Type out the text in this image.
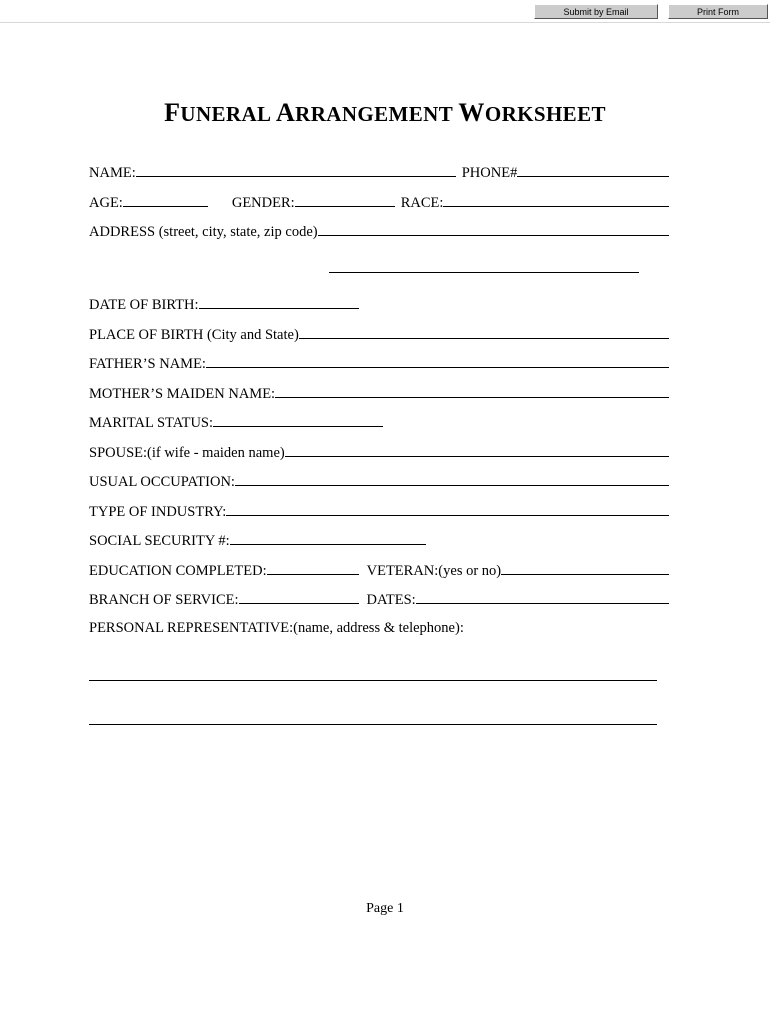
Submit by Email	Print Form
FUNERAL ARRANGEMENT WORKSHEET
NAME:	PHONE#
AGE:	GENDER:	RACE:
ADDRESS (street, city, state, zip code)
DATE OF BIRTH:
PLACE OF BIRTH (City and State)
FATHER’S NAME:
MOTHER’S MAIDEN NAME:
MARITAL STATUS:
SPOUSE:(if wife - maiden name)
USUAL OCCUPATION:
TYPE OF INDUSTRY:
SOCIAL SECURITY #:
EDUCATION COMPLETED:	VETERAN:(yes or no)
BRANCH OF SERVICE:	DATES:
PERSONAL REPRESENTATIVE:(name, address & telephone):
Page 1
